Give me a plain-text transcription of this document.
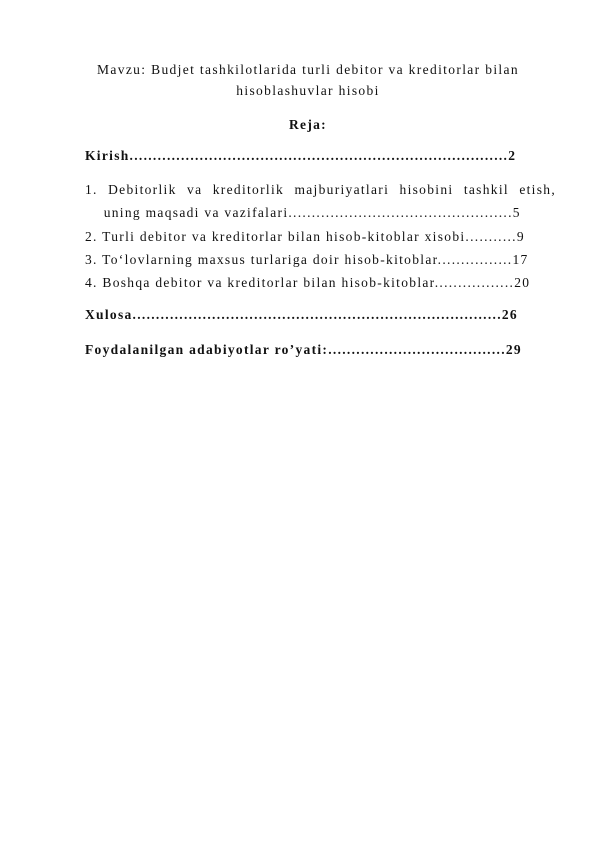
Mavzu: Budjet tashkilotlarida turli debitor va kreditorlar bilan
hisoblashuvlar hisobi
Reja:
Kirish.................................................................................2
1. Debitorlik va kreditorlik majburiyatlari hisobini tashkil etish,
uning maqsadi va vazifalari................................................5
2. Turli debitor va kreditorlar bilan hisob-kitoblar xisobi...........9
3. To‘lovlarning maxsus turlariga doir hisob-kitoblar................17
4. Boshqa debitor va kreditorlar bilan hisob-kitoblar.................20
Xulosa...............................................................................26
Foydalanilgan adabiyotlar ro’yati:......................................29
